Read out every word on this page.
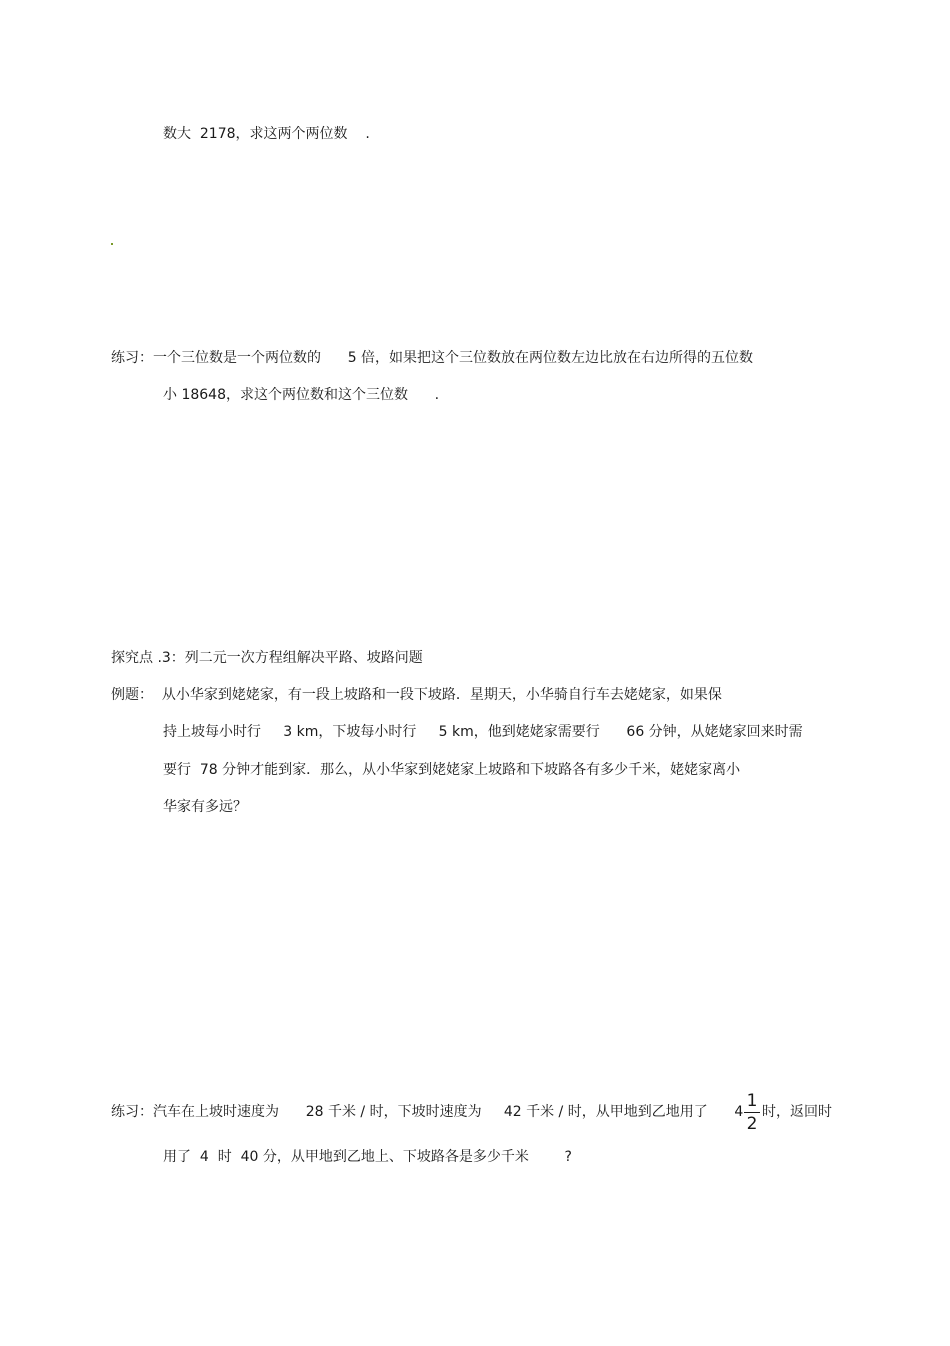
数大  2178，求这两个两位数    .
练习：一个三位数是一个两位数的      5 倍，如果把这个三位数放在两位数左边比放在右边所得的五位数
小 18648，求这个两位数和这个三位数      .
探究点 .3：列二元一次方程组解决平路、坡路问题
例题：  从小华家到姥姥家，有一段上坡路和一段下坡路．星期天，小华骑自行车去姥姥家，如果保
持上坡每小时行     3 km，下坡每小时行     5 km，他到姥姥家需要行      66 分钟，从姥姥家回来时需
要行  78 分钟才能到家．那么，从小华家到姥姥家上坡路和下坡路各有多少千米，姥姥家离小
华家有多远？
练习：汽车在上坡时速度为      28 千米 / 时，下坡时速度为     42 千米 / 时，从甲地到乙地用了      4
1
2
时，返回时
用了  4  时  40 分，从甲地到乙地上、下坡路各是多少千米        ?
